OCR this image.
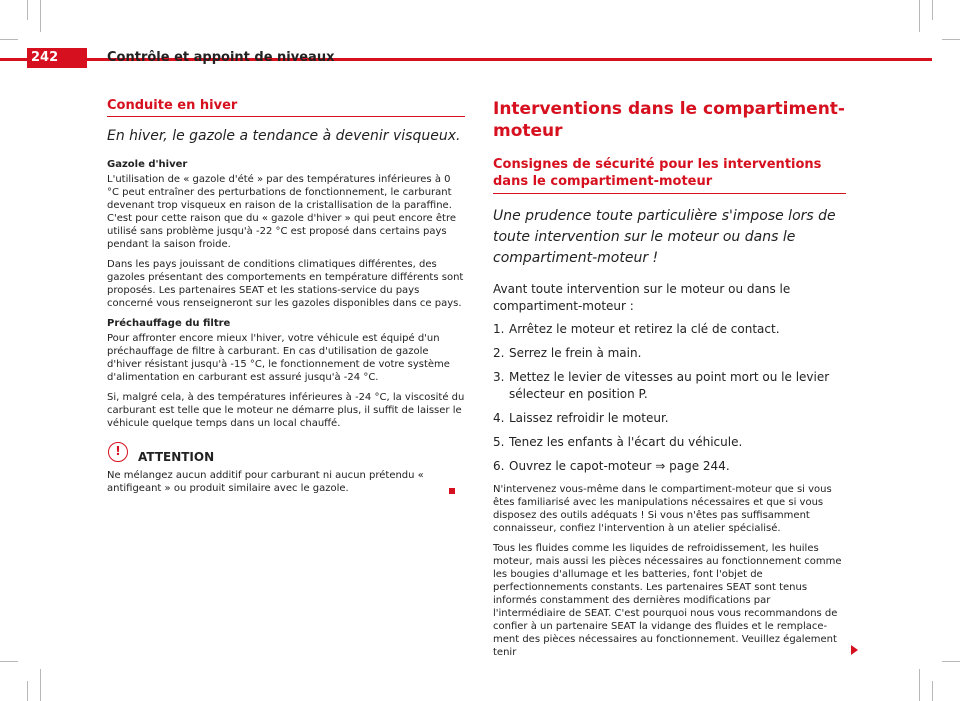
242	Contrôle et appoint de niveaux
Conduite en hiver

En hiver, le gazole a tendance à devenir visqueux.

Gazole d'hiver

L'utilisation de « gazole d'été » par des températures inférieures à 0 °C peut entraîner des perturbations de fonctionnement, le carburant devenant trop visqueux en raison de la cristallisation de la paraffine. C'est pour cette raison que du « gazole d'hiver » qui peut encore être utilisé sans problème jusqu'à -22 °C est proposé dans certains pays pendant la saison froide.

Dans les pays jouissant de conditions climatiques différentes, des gazoles présentant des comportements en température différents sont proposés. Les partenaires SEAT et les stations-service du pays concerné vous renseigneront sur les gazoles disponibles dans ce pays.

Préchauffage du filtre

Pour affronter encore mieux l'hiver, votre véhicule est équipé d'un préchauffage de filtre à carburant. En cas d'utilisation de gazole d'hiver résistant jusqu'à -15 °C, le fonctionnement de votre système d'alimentation en carburant est assuré jusqu'à -24 °C.

Si, malgré cela, à des températures inférieures à -24 °C, la viscosité du carburant est telle que le moteur ne démarre plus, il suffit de laisser le véhicule quelque temps dans un local chauffé.

!	ATTENTION
Ne mélangez aucun additif pour carburant ni aucun prétendu « antifigeant » ou produit similaire avec le gazole.
Interventions dans le compartiment-moteur
Consignes de sécurité pour les interventions dans le compartiment-moteur

Une prudence toute particulière s'impose lors de toute intervention sur le moteur ou dans le compartiment-moteur !

Avant toute intervention sur le moteur ou dans le compartiment-moteur :

1. Arrêtez le moteur et retirez la clé de contact.
2. Serrez le frein à main.
3. Mettez le levier de vitesses au point mort ou le levier sélecteur en position P.
4. Laissez refroidir le moteur.
5. Tenez les enfants à l'écart du véhicule.
6. Ouvrez le capot-moteur ⇒ page 244.

N'intervenez vous-même dans le compartiment-moteur que si vous êtes familiarisé avec les manipulations nécessaires et que si vous disposez des outils adéquats ! Si vous n'êtes pas suffisamment connaisseur, confiez l'intervention à un atelier spécialisé.

Tous les fluides comme les liquides de refroidissement, les huiles moteur, mais aussi les pièces nécessaires au fonctionnement comme les bougies d'allumage et les batteries, font l'objet de perfectionnements constants. Les partenaires SEAT sont tenus informés constamment des dernières modifications par l'intermédiaire de SEAT. C'est pourquoi nous vous recommandons de confier à un partenaire SEAT la vidange des fluides et le remplacement des pièces nécessaires au fonctionnement. Veuillez également tenir
